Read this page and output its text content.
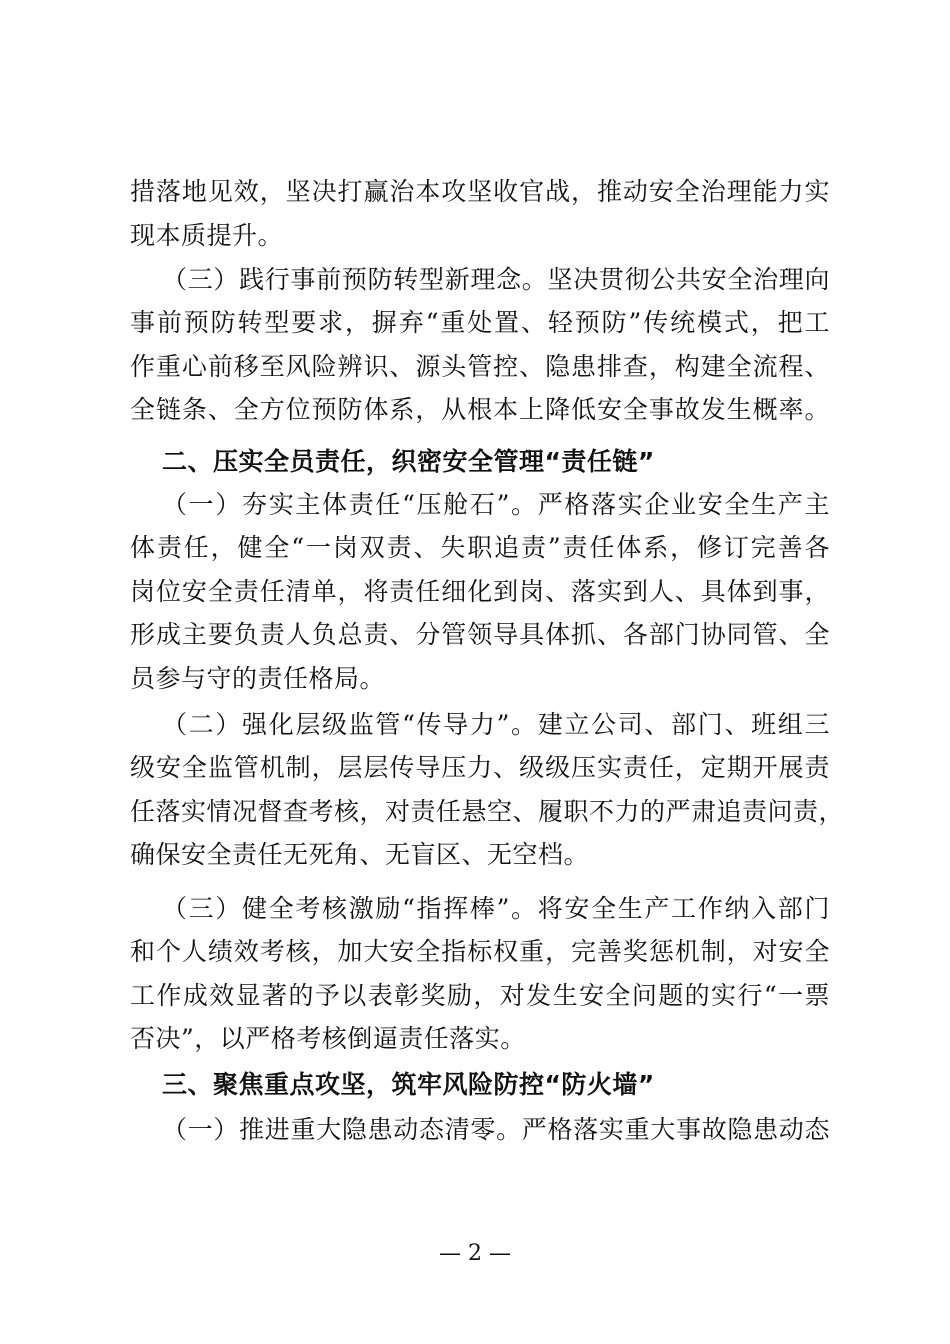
措落地见效，坚决打赢治本攻坚收官战，推动安全治理能力实
现本质提升。
（三）践行事前预防转型新理念。坚决贯彻公共安全治理向
事前预防转型要求，摒弃“重处置、轻预防”传统模式，把工
作重心前移至风险辨识、源头管控、隐患排查，构建全流程、
全链条、全方位预防体系，从根本上降低安全事故发生概率。
二、压实全员责任，织密安全管理“责任链”
（一）夯实主体责任“压舱石”。严格落实企业安全生产主
体责任，健全“一岗双责、失职追责”责任体系，修订完善各
岗位安全责任清单，将责任细化到岗、落实到人、具体到事，
形成主要负责人负总责、分管领导具体抓、各部门协同管、全
员参与守的责任格局。
（二）强化层级监管“传导力”。建立公司、部门、班组三
级安全监管机制，层层传导压力、级级压实责任，定期开展责
任落实情况督查考核，对责任悬空、履职不力的严肃追责问责，
确保安全责任无死角、无盲区、无空档。
（三）健全考核激励“指挥棒”。将安全生产工作纳入部门
和个人绩效考核，加大安全指标权重，完善奖惩机制，对安全
工作成效显著的予以表彰奖励，对发生安全问题的实行“一票
否决”，以严格考核倒逼责任落实。
三、聚焦重点攻坚，筑牢风险防控“防火墙”
（一）推进重大隐患动态清零。严格落实重大事故隐患动态
— 2 —
